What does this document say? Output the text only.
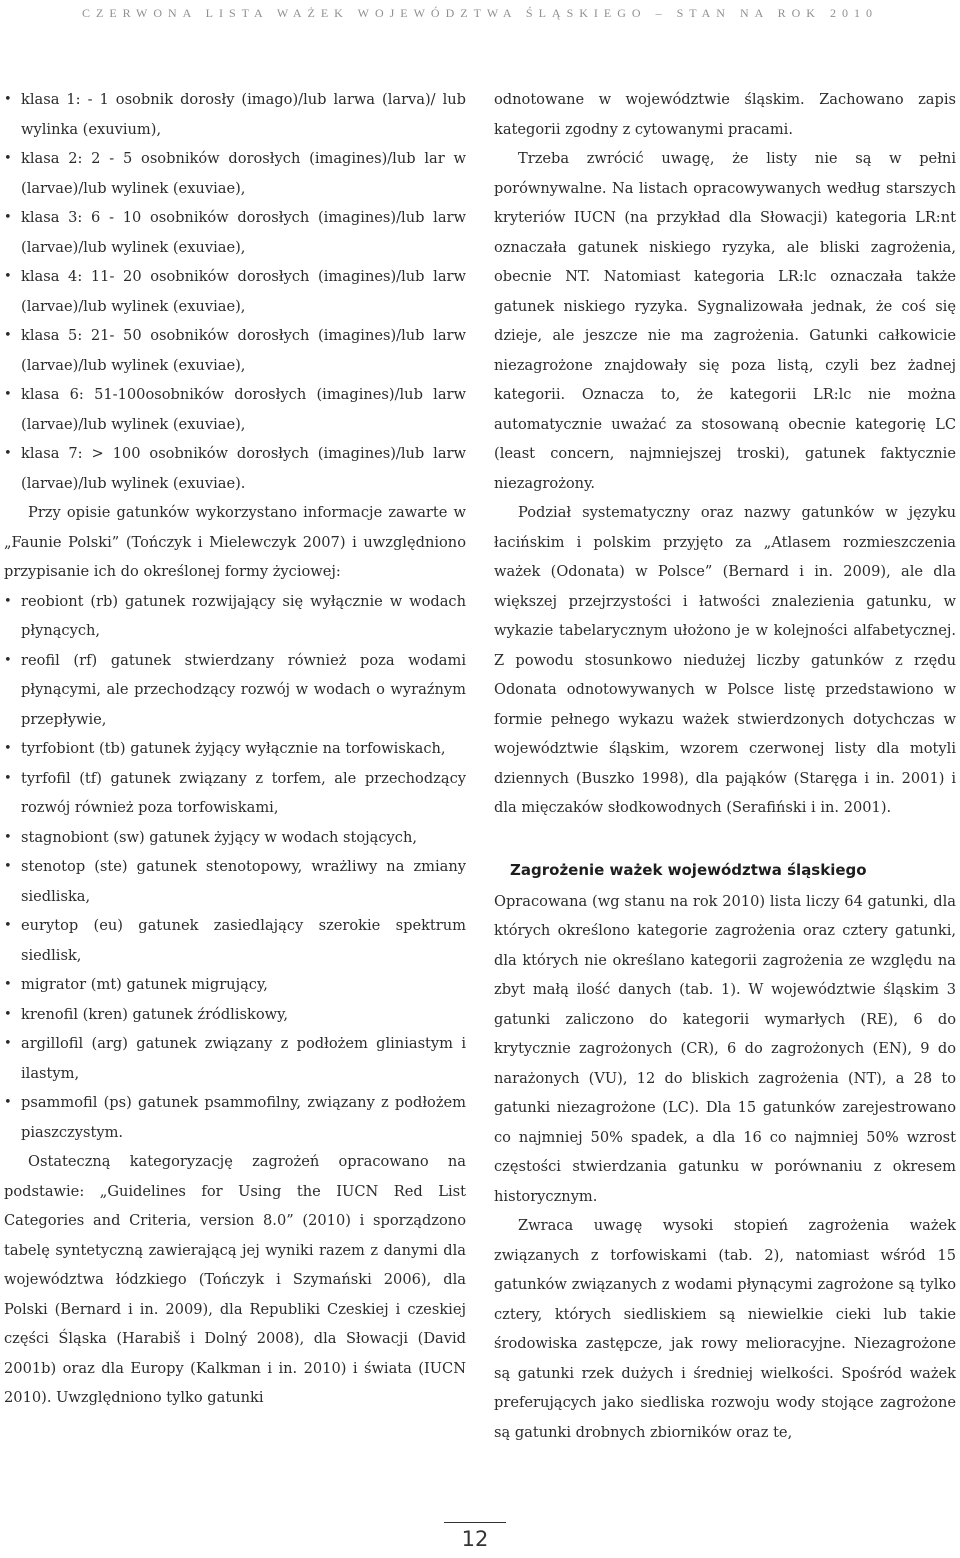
CZERWONA LISTA WAŻEK WOJEWÓDZTWA ŚLĄSKIEGO – STAN NA ROK 2010
• klasa 1: - 1 osobnik dorosły (imago)/lub larwa (larva)/ lub wylinka (exuvium),
• klasa 2: 2 - 5 osobników dorosłych (imagines)/lub lar w (larvae)/lub wylinek (exuviae),
• klasa 3: 6 - 10 osobników dorosłych (imagines)/lub larw (larvae)/lub wylinek (exuviae),
• klasa 4: 11- 20 osobników dorosłych (imagines)/lub larw (larvae)/lub wylinek (exuviae),
• klasa 5: 21- 50 osobników dorosłych (imagines)/lub larw (larvae)/lub wylinek (exuviae),
• klasa 6: 51-100osobników dorosłych (imagines)/lub larw (larvae)/lub wylinek (exuviae),
• klasa 7: > 100 osobników dorosłych (imagines)/lub larw (larvae)/lub wylinek (exuviae).

Przy opisie gatunków wykorzystano informacje zawarte w „Faunie Polski” (Tończyk i Mielewczyk 2007) i uwzględniono przypisanie ich do określonej formy życiowej:

• reobiont (rb) gatunek rozwijający się wyłącznie w wodach płynących,
• reofil (rf) gatunek stwierdzany również poza wodami płynącymi, ale przechodzący rozwój w wodach o wyraźnym przepływie,
• tyrfobiont (tb) gatunek żyjący wyłącznie na torfowiskach,
• tyrfofil (tf) gatunek związany z torfem, ale przechodzący rozwój również poza torfowiskami,
• stagnobiont (sw) gatunek żyjący w wodach stojących,
• stenotop (ste) gatunek stenotopowy, wrażliwy na zmiany siedliska,
• eurytop (eu) gatunek zasiedlający szerokie spektrum siedlisk,
• migrator (mt) gatunek migrujący,
• krenofil (kren) gatunek źródliskowy,
• argillofil (arg) gatunek związany z podłożem gliniastym i ilastym,
• psammofil (ps) gatunek psammofilny, związany z podłożem piaszczystym.

Ostateczną kategoryzację zagrożeń opracowano na podstawie: „Guidelines for Using the IUCN Red List Categories and Criteria, version 8.0” (2010) i sporządzono tabelę syntetyczną zawierającą jej wyniki razem z danymi dla województwa łódzkiego (Tończyk i Szymański 2006), dla Polski (Bernard i in. 2009), dla Republiki Czeskiej i czeskiej części Śląska (Harabiš i Dolný 2008), dla Słowacji (David 2001b) oraz dla Europy (Kalkman i in. 2010) i świata (IUCN 2010). Uwzględniono tylko gatunki

odnotowane w województwie śląskim. Zachowano zapis kategorii zgodny z cytowanymi pracami.

Trzeba zwrócić uwagę, że listy nie są w pełni porównywalne. Na listach opracowywanych według starszych kryteriów IUCN (na przykład dla Słowacji) kategoria LR:nt oznaczała gatunek niskiego ryzyka, ale bliski zagrożenia, obecnie NT. Natomiast kategoria LR:lc oznaczała także gatunek niskiego ryzyka. Sygnalizowała jednak, że coś się dzieje, ale jeszcze nie ma zagrożenia. Gatunki całkowicie niezagrożone znajdowały się poza listą, czyli bez żadnej kategorii. Oznacza to, że kategorii LR:lc nie można automatycznie uważać za stosowaną obecnie kategorię LC (least concern, najmniejszej troski), gatunek faktycznie niezagrożony.

Podział systematyczny oraz nazwy gatunków w języku łacińskim i polskim przyjęto za „Atlasem rozmieszczenia ważek (Odonata) w Polsce” (Bernard i in. 2009), ale dla większej przejrzystości i łatwości znalezienia gatunku, w wykazie tabelarycznym ułożono je w kolejności alfabetycznej. Z powodu stosunkowo niedużej liczby gatunków z rzędu Odonata odnotowywanych w Polsce listę przedstawiono w formie pełnego wykazu ważek stwierdzonych dotychczas w województwie śląskim, wzorem czerwonej listy dla motyli dziennych (Buszko 1998), dla pająków (Staręga i in. 2001) i dla mięczaków słodkowodnych (Serafiński i in. 2001).

Zagrożenie ważek województwa śląskiego

Opracowana (wg stanu na rok 2010) lista liczy 64 gatunki, dla których określono kategorie zagrożenia oraz cztery gatunki, dla których nie określano kategorii zagrożenia ze względu na zbyt małą ilość danych (tab. 1). W województwie śląskim 3 gatunki zaliczono do kategorii wymarłych (RE), 6 do krytycznie zagrożonych (CR), 6 do zagrożonych (EN), 9 do narażonych (VU), 12 do bliskich zagrożenia (NT), a 28 to gatunki niezagrożone (LC). Dla 15 gatunków zarejestrowano co najmniej 50% spadek, a dla 16 co najmniej 50% wzrost częstości stwierdzania gatunku w porównaniu z okresem historycznym.

Zwraca uwagę wysoki stopień zagrożenia ważek związanych z torfowiskami (tab. 2), natomiast wśród 15 gatunków związanych z wodami płynącymi zagrożone są tylko cztery, których siedliskiem są niewielkie cieki lub takie środowiska zastępcze, jak rowy melioracyjne. Niezagrożone są gatunki rzek dużych i średniej wielkości. Spośród ważek preferujących jako siedliska rozwoju wody stojące zagrożone są gatunki drobnych zbiorników oraz te,

12
